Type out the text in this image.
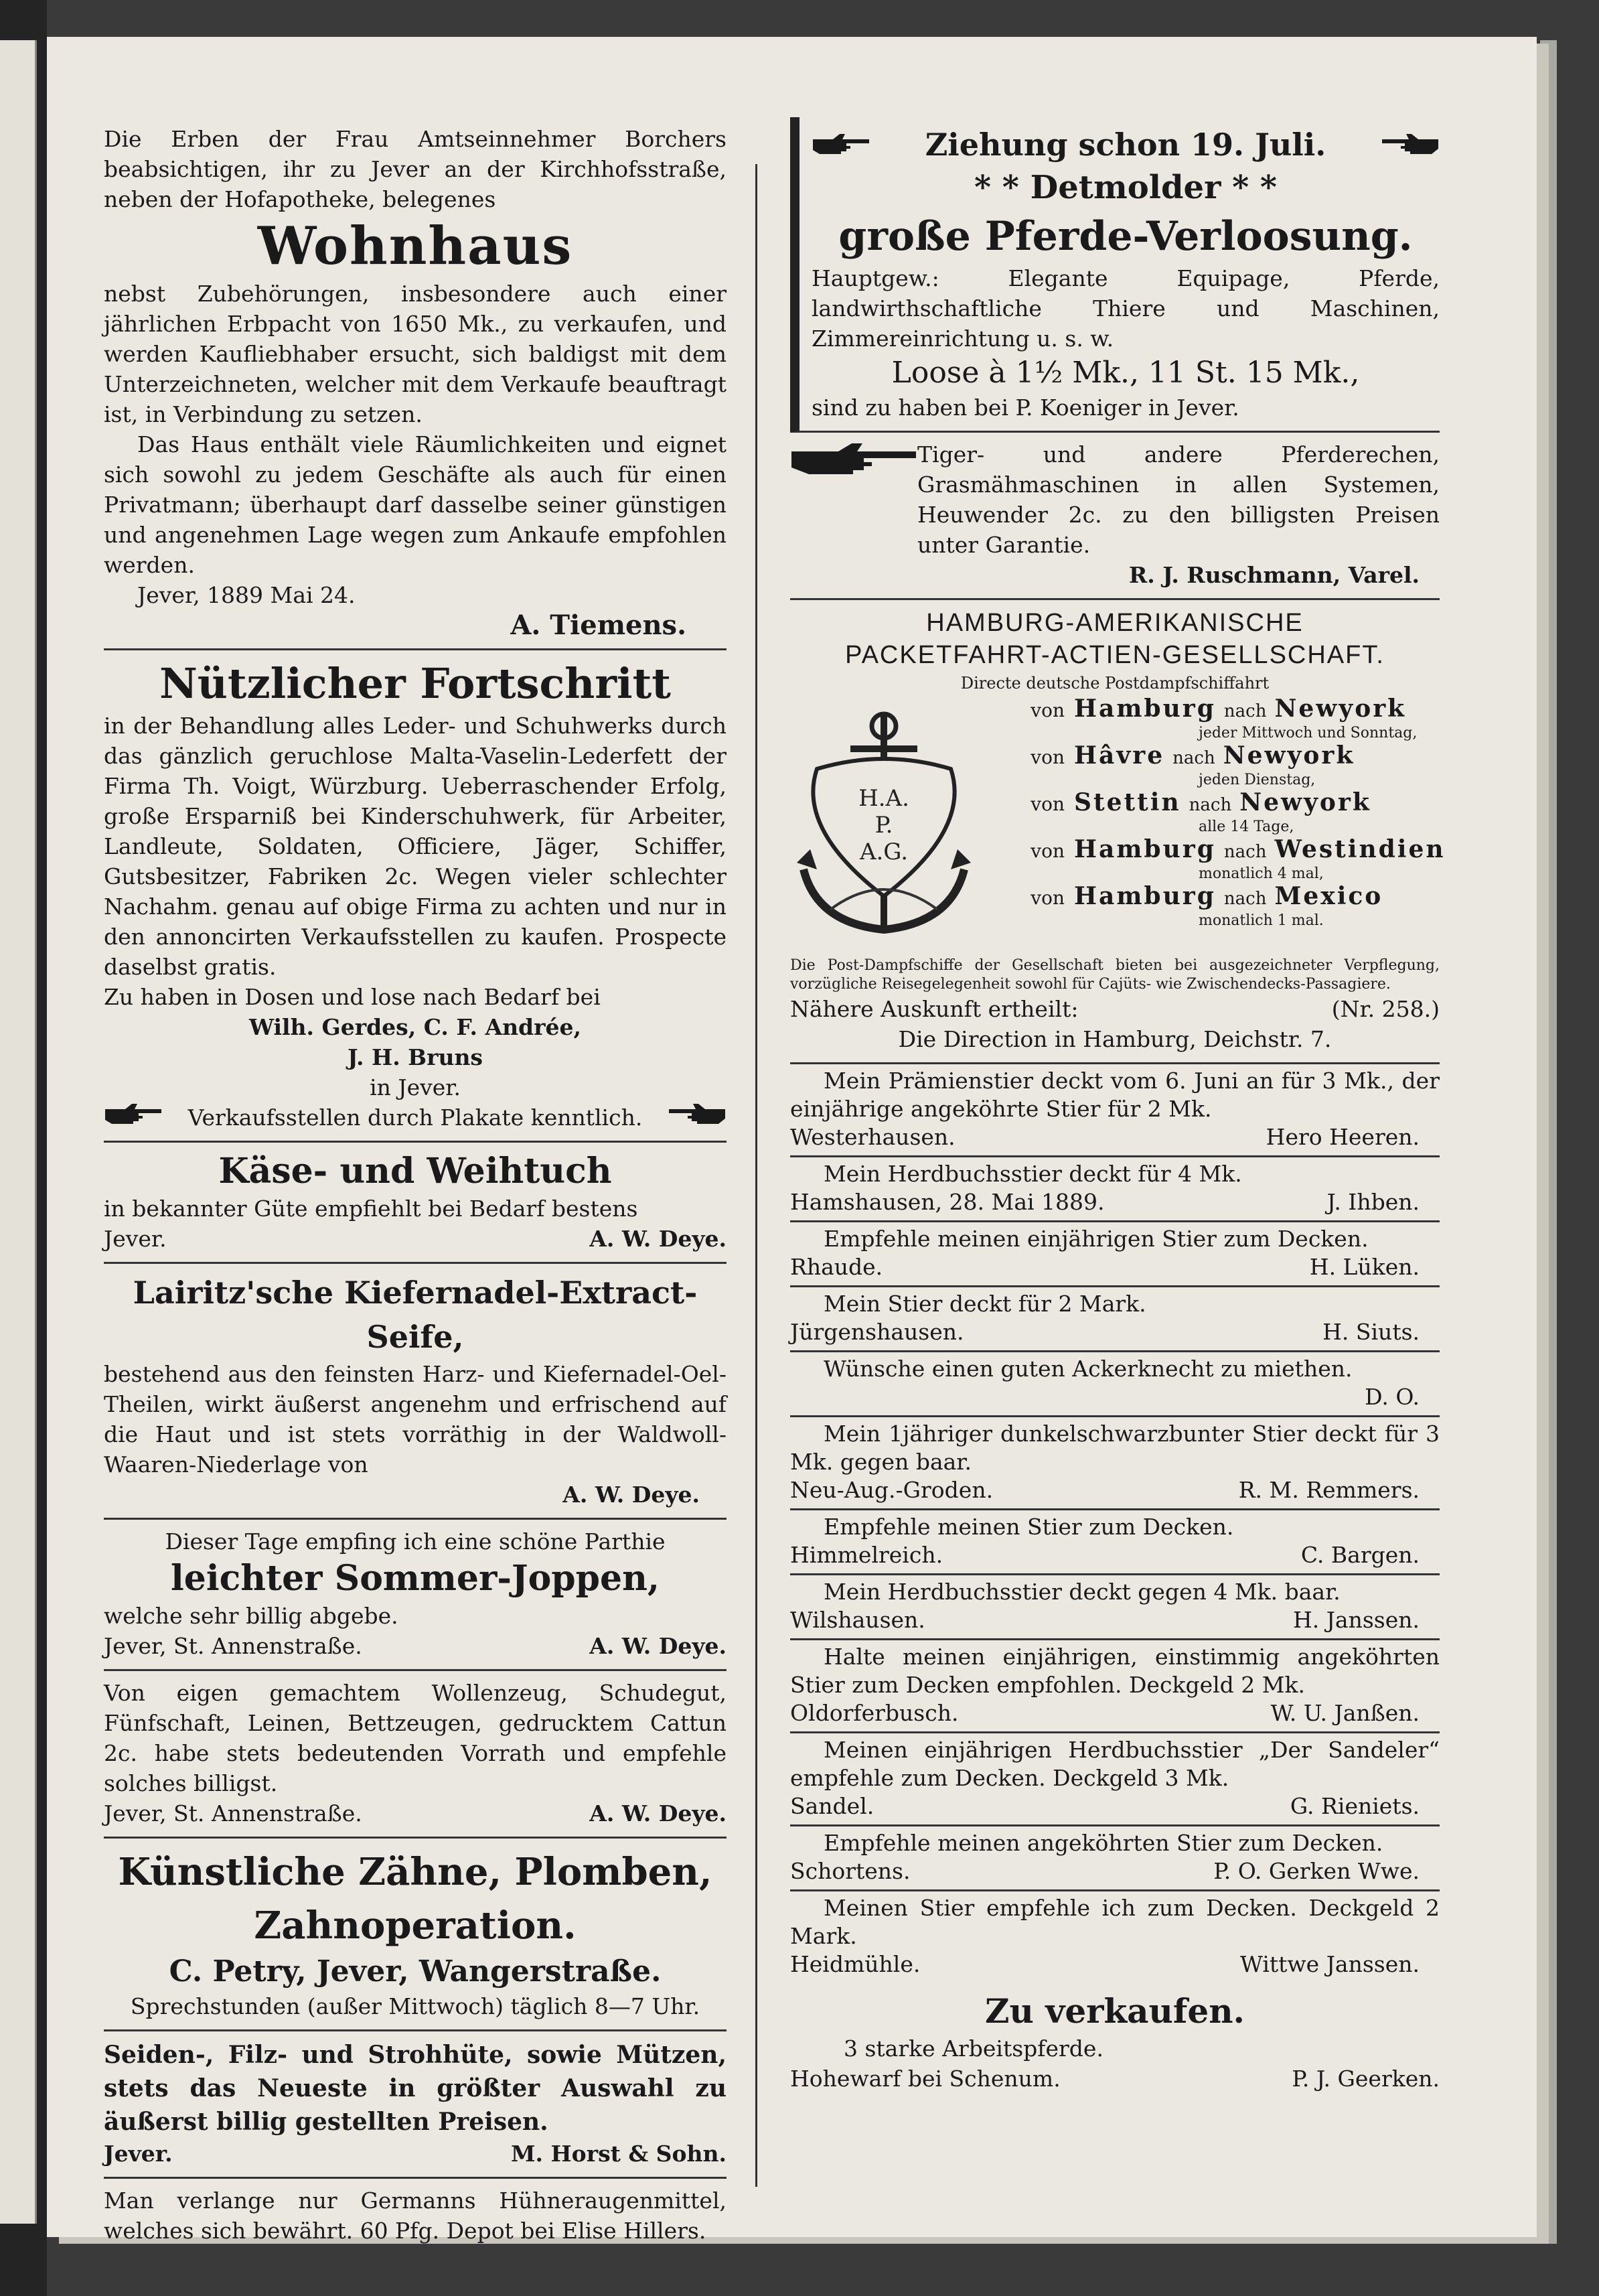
Die Erben der Frau Amtseinnehmer Borchers beabsichtigen, ihr zu Jever an der Kirchhofsstraße, neben der Hofapotheke, belegenes

Wohnhaus

nebst Zubehörungen, insbesondere auch einer jährlichen Erbpacht von 1650 Mk., zu verkaufen, und werden Kaufliebhaber ersucht, sich baldigst mit dem Unterzeichneten, welcher mit dem Verkaufe beauftragt ist, in Verbindung zu setzen.

Das Haus enthält viele Räumlichkeiten und eignet sich sowohl zu jedem Geschäfte als auch für einen Privatmann; überhaupt darf dasselbe seiner günstigen und angenehmen Lage wegen zum Ankaufe empfohlen werden.

Jever, 1889 Mai 24.

A. Tiemens.

Nützlicher Fortschritt

in der Behandlung alles Leder- und Schuhwerks durch das gänzlich geruchlose Malta-Vaselin-Lederfett der Firma Th. Voigt, Würzburg. Ueberraschender Erfolg, große Ersparniß bei Kinderschuhwerk, für Arbeiter, Landleute, Soldaten, Officiere, Jäger, Schiffer, Gutsbesitzer, Fabriken 2c. Wegen vieler schlechter Nachahm. genau auf obige Firma zu achten und nur in den annoncirten Verkaufsstellen zu kaufen. Prospecte daselbst gratis.

Zu haben in Dosen und lose nach Bedarf bei

Wilh. Gerdes, C. F. Andrée,

J. H. Bruns

in Jever.

Verkaufsstellen durch Plakate kenntlich.

Käse- und Weihtuch

in bekannter Güte empfiehlt bei Bedarf bestens

Jever.	A. W. Deye.

Lairitz'sche Kiefernadel-Extract-Seife,

bestehend aus den feinsten Harz- und Kiefernadel-Oel-Theilen, wirkt äußerst angenehm und erfrischend auf die Haut und ist stets vorräthig in der Waldwoll-Waaren-Niederlage von

A. W. Deye.

Dieser Tage empfing ich eine schöne Parthie

leichter Sommer-Joppen,

welche sehr billig abgebe.

Jever, St. Annenstraße.	A. W. Deye.

Von eigen gemachtem Wollenzeug, Schudegut, Fünfschaft, Leinen, Bettzeugen, gedrucktem Cattun 2c. habe stets bedeutenden Vorrath und empfehle solches billigst.

Jever, St. Annenstraße.	A. W. Deye.

Künstliche Zähne, Plomben,

Zahnoperation.

C. Petry, Jever, Wangerstraße.

Sprechstunden (außer Mittwoch) täglich 8—7 Uhr.

Seiden-, Filz- und Strohhüte, sowie Mützen, stets das Neueste in größter Auswahl zu äußerst billig gestellten Preisen.

Jever.	M. Horst & Sohn.

Man verlange nur Germanns Hühneraugenmittel, welches sich bewährt. 60 Pfg. Depot bei Elise Hillers.

Ziehung schon 19. Juli.

* * Detmolder * *

große Pferde-Verloosung.

Hauptgew.: Elegante Equipage, Pferde, landwirthschaftliche Thiere und Maschinen, Zimmereinrichtung u. s. w.

Loose à 1½ Mk., 11 St. 15 Mk.,

sind zu haben bei P. Koeniger in Jever.

Tiger- und andere Pferderechen, Grasmähmaschinen in allen Systemen, Heuwender 2c. zu den billigsten Preisen unter Garantie.

R. J. Ruschmann, Varel.

HAMBURG-AMERIKANISCHE

PACKETFAHRT-ACTIEN-GESELLSCHAFT.

Directe deutsche Postdampfschiffahrt

H.A.
P.
A.G.
von Hamburg nach Newyork
jeder Mittwoch und Sonntag,
von Hâvre nach Newyork
jeden Dienstag,
von Stettin nach Newyork
alle 14 Tage,
von Hamburg nach Westindien
monatlich 4 mal,
von Hamburg nach Mexico
monatlich 1 mal.

Die Post-Dampfschiffe der Gesellschaft bieten bei ausgezeichneter Verpflegung, vorzügliche Reisegelegenheit sowohl für Cajüts- wie Zwischendecks-Passagiere.

Nähere Auskunft ertheilt:	(Nr. 258.)

Die Direction in Hamburg, Deichstr. 7.

Mein Prämienstier deckt vom 6. Juni an für 3 Mk., der einjährige angeköhrte Stier für 2 Mk.

Westerhausen.	Hero Heeren.

Mein Herdbuchsstier deckt für 4 Mk.

Hamshausen, 28. Mai 1889.	J. Ihben.

Empfehle meinen einjährigen Stier zum Decken.

Rhaude.	H. Lüken.

Mein Stier deckt für 2 Mark.

Jürgenshausen.	H. Siuts.

Wünsche einen guten Ackerknecht zu miethen.

D. O.

Mein 1jähriger dunkelschwarzbunter Stier deckt für 3 Mk. gegen baar.

Neu-Aug.-Groden.	R. M. Remmers.

Empfehle meinen Stier zum Decken.

Himmelreich.	C. Bargen.

Mein Herdbuchsstier deckt gegen 4 Mk. baar.

Wilshausen.	H. Janssen.

Halte meinen einjährigen, einstimmig angeköhrten Stier zum Decken empfohlen. Deckgeld 2 Mk.

Oldorferbusch.	W. U. Janßen.

Meinen einjährigen Herdbuchsstier „Der Sandeler“ empfehle zum Decken. Deckgeld 3 Mk.

Sandel.	G. Rieniets.

Empfehle meinen angeköhrten Stier zum Decken.

Schortens.	P. O. Gerken Wwe.

Meinen Stier empfehle ich zum Decken. Deckgeld 2 Mark.

Heidmühle.	Wittwe Janssen.

Zu verkaufen.

3 starke Arbeitspferde.

Hohewarf bei Schenum.	P. J. Geerken.
